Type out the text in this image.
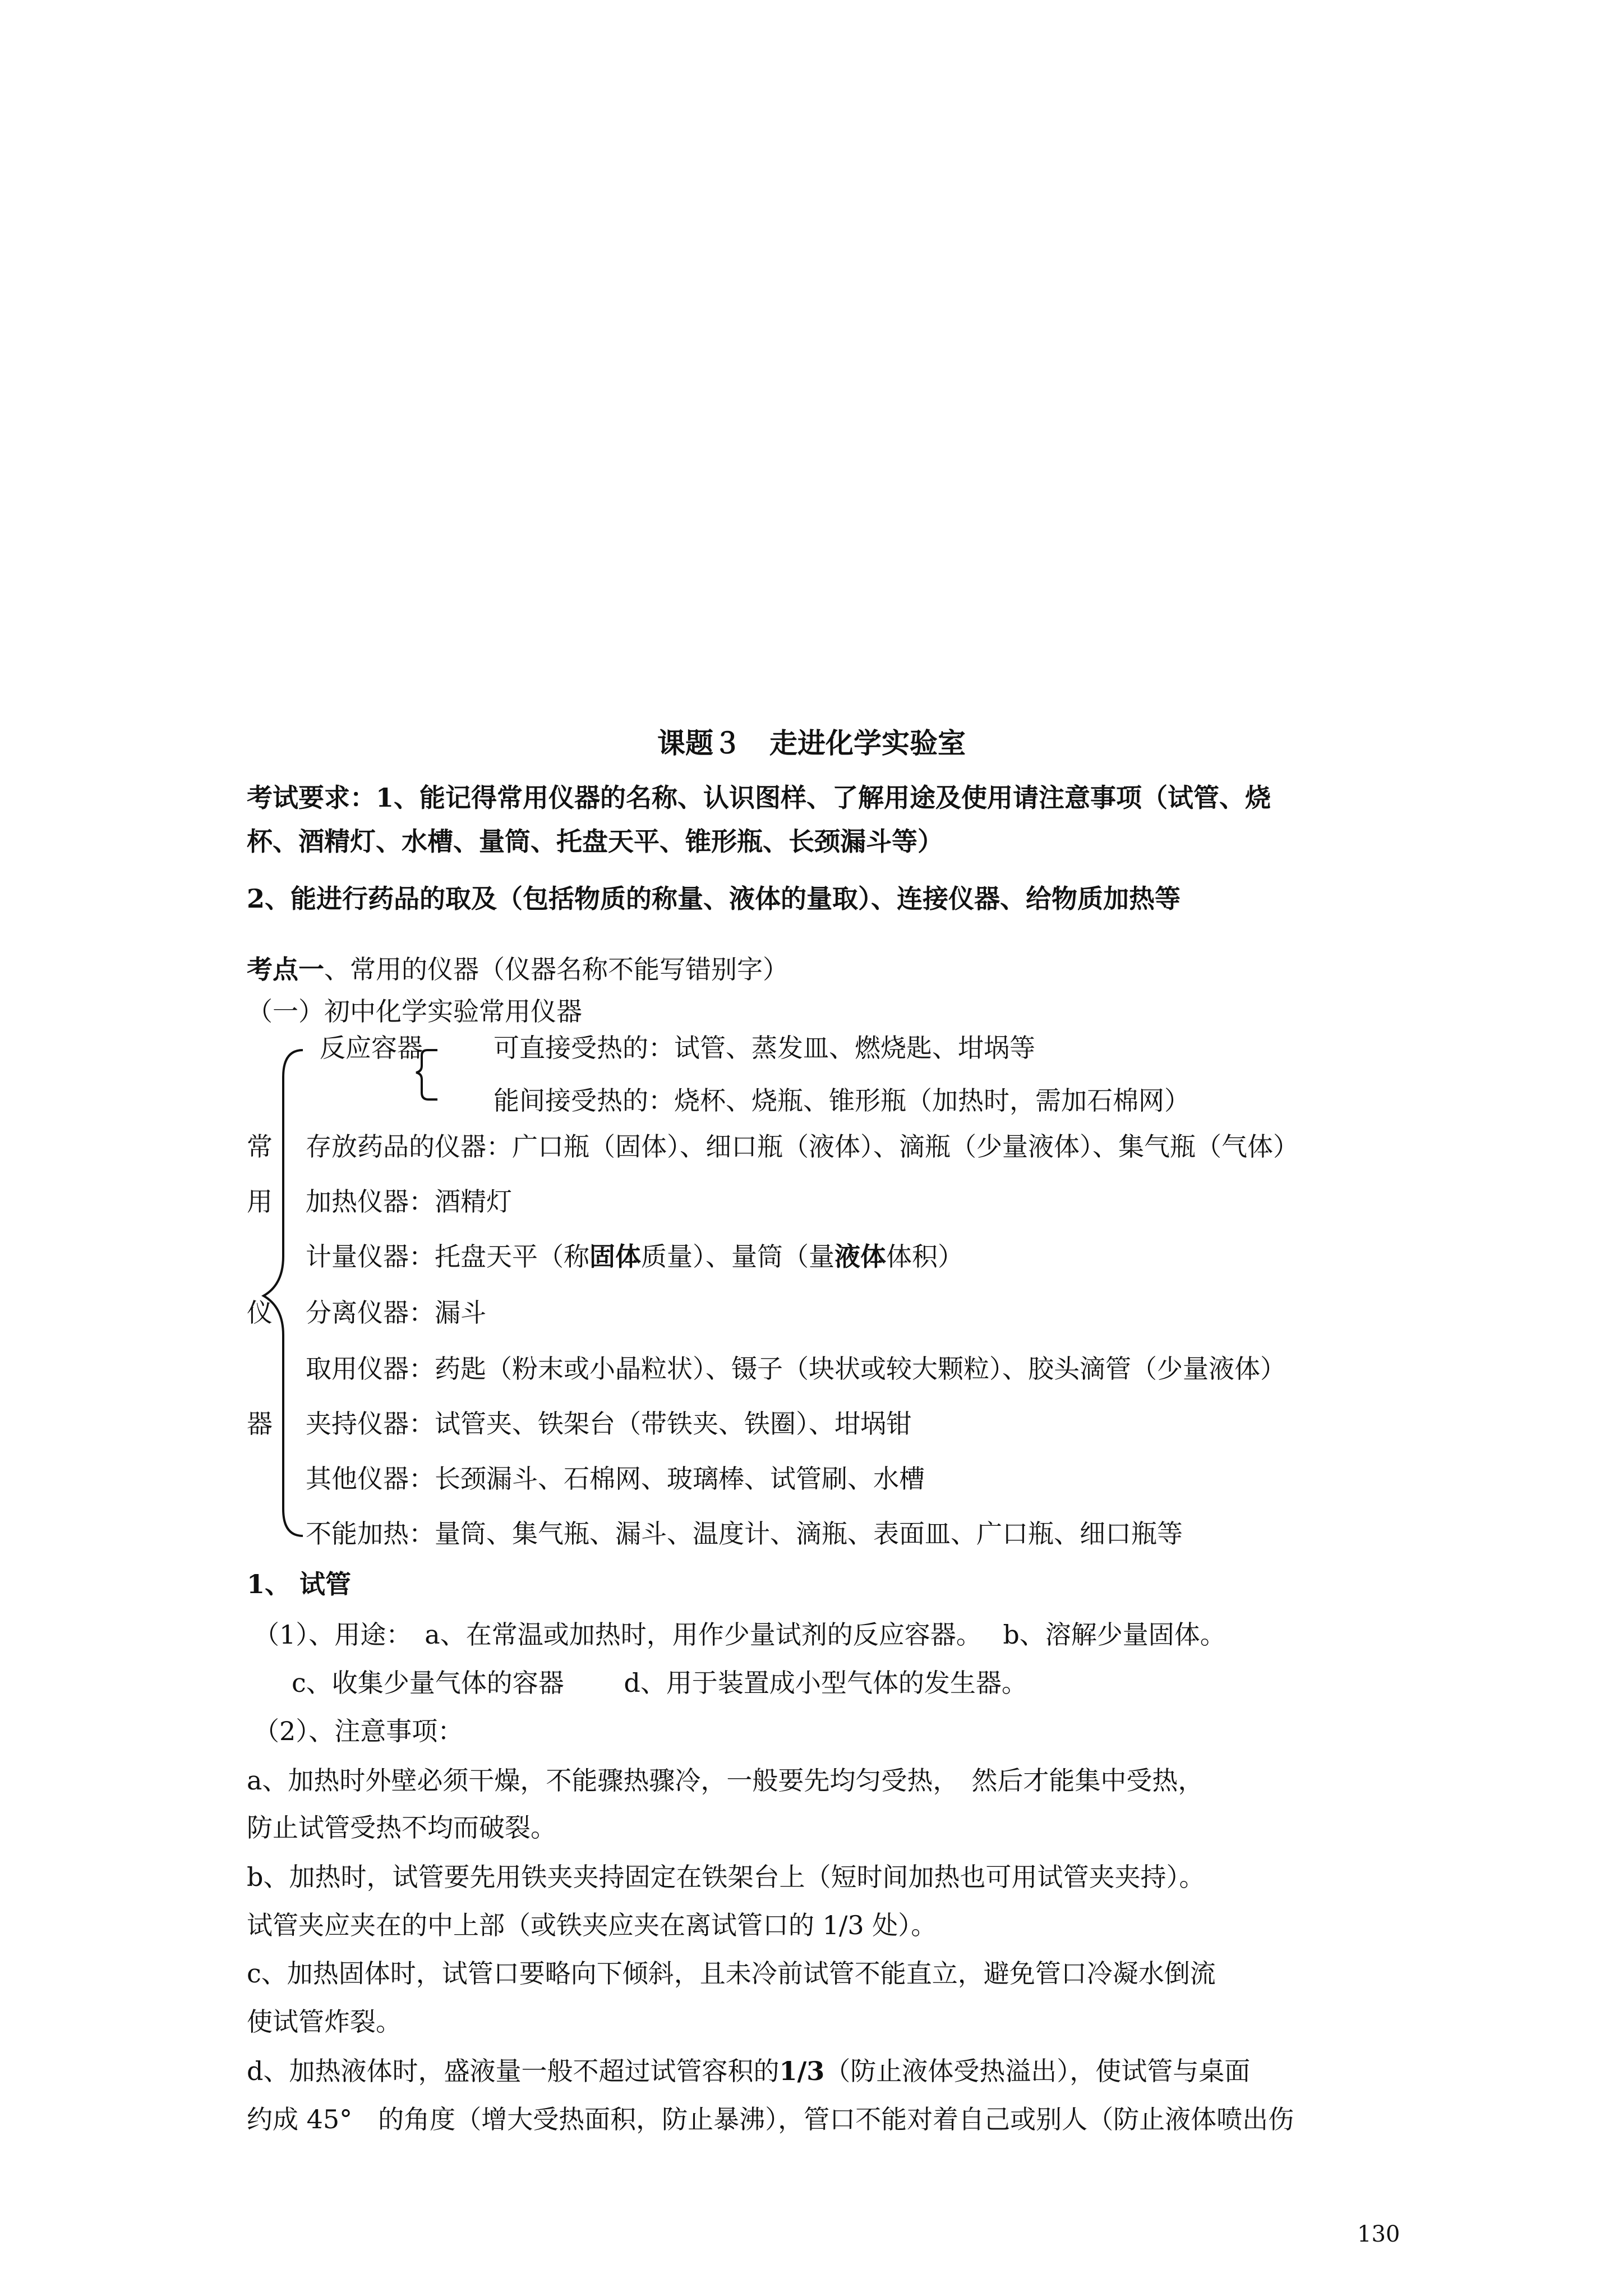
课题３　走进化学实验室
考试要求：1、能记得常用仪器的名称、认识图样、了解用途及使用请注意事项（试管、烧
杯、酒精灯、水槽、量筒、托盘天平、锥形瓶、长颈漏斗等）
2、能进行药品的取及（包括物质的称量、液体的量取）、连接仪器、给物质加热等
考点一、常用的仪器（仪器名称不能写错别字）
（一）初中化学实验常用仪器
反应容器	可直接受热的：试管、蒸发皿、燃烧匙、坩埚等
能间接受热的：烧杯、烧瓶、锥形瓶（加热时，需加石棉网）
常
用
仪
器
存放药品的仪器：广口瓶（固体）、细口瓶（液体）、滴瓶（少量液体）、集气瓶（气体）
加热仪器：酒精灯
计量仪器：托盘天平（称固体质量）、量筒（量液体体积）
分离仪器：漏斗
取用仪器：药匙（粉末或小晶粒状）、镊子（块状或较大颗粒）、胶头滴管（少量液体）
夹持仪器：试管夹、铁架台（带铁夹、铁圈）、坩埚钳
其他仪器：长颈漏斗、石棉网、玻璃棒、试管刷、水槽
不能加热：量筒、集气瓶、漏斗、温度计、滴瓶、表面皿、广口瓶、细口瓶等
1、 试管
（1）、用途：　a、在常温或加热时，用作少量试剂的反应容器。　 b、溶解少量固体。
c、收集少量气体的容器　　 d、用于装置成小型气体的发生器。
（2）、注意事项：
a、加热时外壁必须干燥，不能骤热骤冷，一般要先均匀受热，　然后才能集中受热，
防止试管受热不均而破裂。
b、加热时，试管要先用铁夹夹持固定在铁架台上（短时间加热也可用试管夹夹持）。
试管夹应夹在的中上部（或铁夹应夹在离试管口的 1/3 处）。
c、加热固体时，试管口要略向下倾斜，且未冷前试管不能直立，避免管口冷凝水倒流
使试管炸裂。
d、加热液体时，盛液量一般不超过试管容积的1/3（防止液体受热溢出），使试管与桌面
约成 45°　的角度（增大受热面积，防止暴沸），管口不能对着自己或别人（防止液体喷出伤
130
